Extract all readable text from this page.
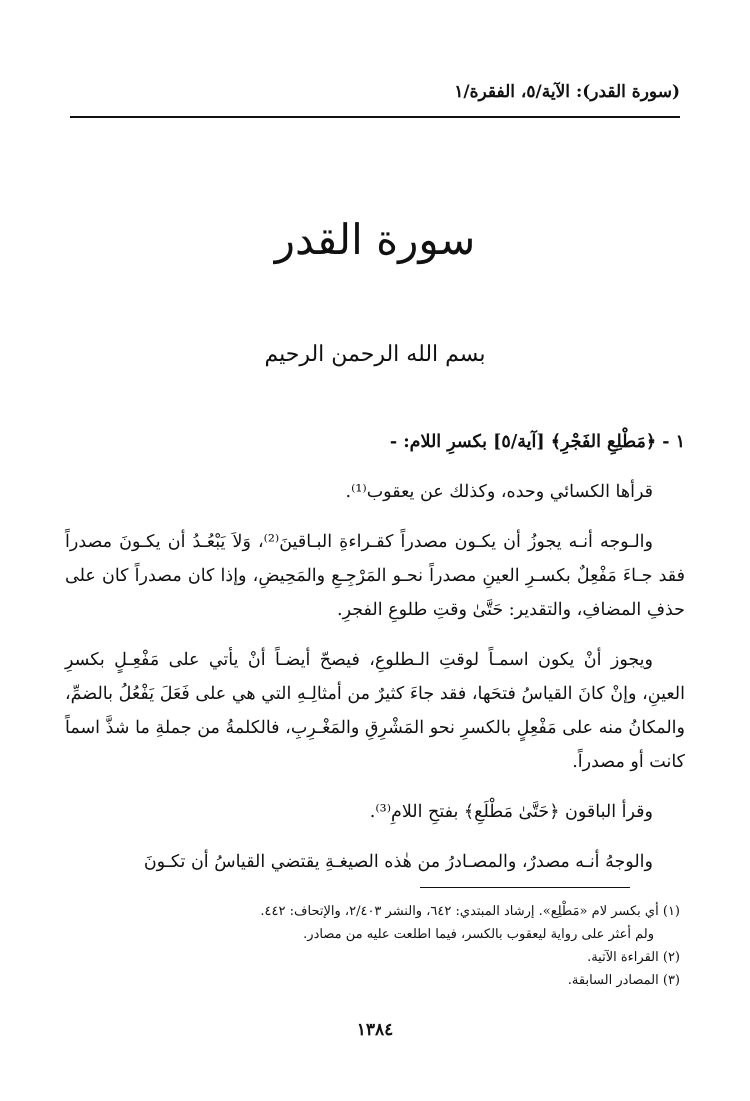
(سورة القدر): الآية/٥، الفقرة/١
سورة القدر
بسم الله الرحمن الرحيم

١ - ﴿مَطْلِعِ الفَجْرِ﴾ [آية/٥] بكسرِ اللام: -

قرأها الكسائي وحده، وكذلك عن يعقوب⁽¹⁾.

والـوجه أنـه يجوزُ أن يكـون مصدراً كقـراءةِ البـاقينَ⁽²⁾، وَلاَ يَبْعُـدُ أن يكـونَ مصدراً فقد جـاءَ مَفْعِلٌ بكسـرِ العينِ مصدراً نحـو المَرْجِـعِ والمَحِيضِ، وإذا كان مصدراً كان على حذفِ المضافِ، والتقدير: حَتَّىٰ وقتِ طلوعِ الفجرِ.

ويجوز أنْ يكون اسمـاً لوقتِ الـطلوعِ، فيصحّ أيضـاً أنْ يأتي على مَفْعِـلٍ بكسرِ العينِ، وإنْ كانَ القياسُ فتحَها، فقد جاءَ كثيرٌ من أمثالِـهِ التي هي على فَعَلَ يَفْعُلُ بالضمِّ، والمكانُ منه على مَفْعِلٍ بالكسرِ نحو المَشْرِقِ والمَغْـرِبِ، فالكلمةُ من جملةِ ما شذَّ اسماً كانت أو مصدراً.

وقرأ الباقون ﴿حَتَّىٰ مَطْلَعِ﴾ بفتحِ اللامِ⁽³⁾.

والوجهُ أنـه مصدرٌ، والمصـادرُ من هٰذه الصيغـةِ يقتضي القياسُ أن تكـونَ

(١) أي بكسر لام «مَطْلِع». إرشاد المبتدي: ٦٤٢، والنشر ٢/٤٠٣، والإتحاف: ٤٤٢.

ولم أعثر على رواية ليعقوب بالكسر، فيما اطلعت عليه من مصادر.

(٢) القراءة الآتية.

(٣) المصادر السابقة.

١٣٨٤
